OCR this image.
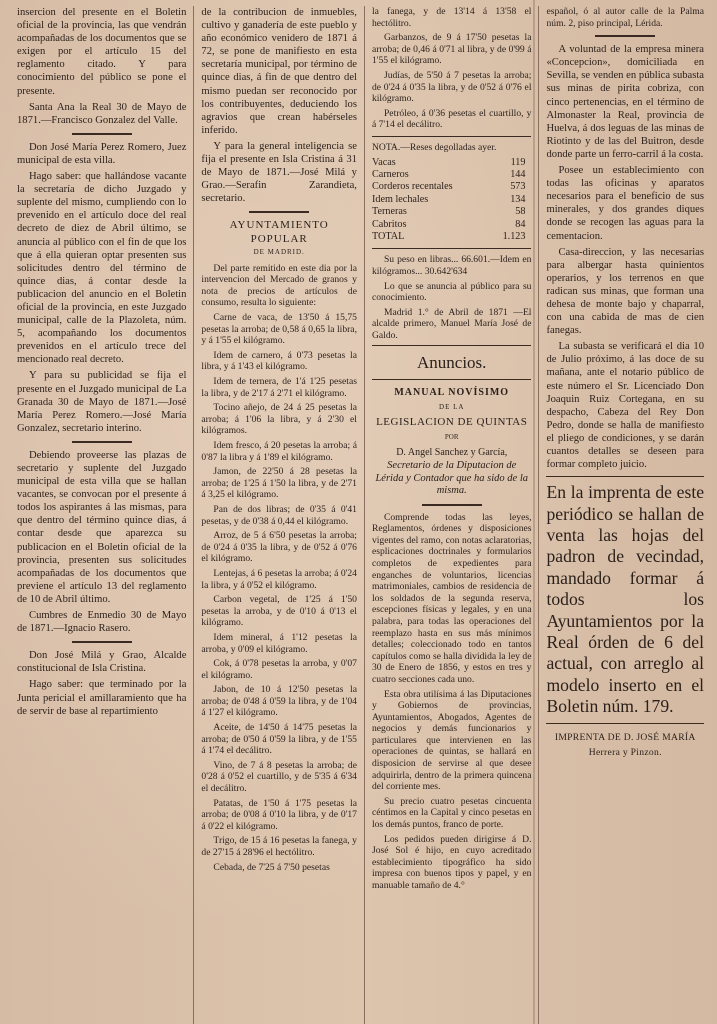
insercion del presente en el Boletin oficial de la provincia, las que vendrán acompañadas de los documentos que se exigen por el artículo 15 del reglamento citado. Y para conocimiento del público se pone el presente.

Santa Ana la Real 30 de Mayo de 1871.—Francisco Gonzalez del Valle.

Don José María Perez Romero, Juez municipal de esta villa.

Hago saber: que hallándose vacante la secretaría de dicho Juzgado y suplente del mismo, cumpliendo con lo prevenido en el artículo doce del real decreto de diez de Abril último, se anuncia al público con el fin de que los que á ella quieran optar presenten sus solicitudes dentro del término de quince dias, á contar desde la publicacion del anuncio en el Boletin oficial de la provincia, en este Juzgado municipal, calle de la Plazoleta, núm. 5, acompañando los documentos prevenidos en el artículo trece del mencionado real decreto.

Y para su publicidad se fija el presente en el Juzgado municipal de La Granada 30 de Mayo de 1871.—José María Perez Romero.—José María Gonzalez, secretario interino.

Debiendo proveerse las plazas de secretario y suplente del Juzgado municipal de esta villa que se hallan vacantes, se convocan por el presente á todos los aspirantes á las mismas, para que dentro del término quince dias, á contar desde que aparezca su publicacion en el Boletin oficial de la provincia, presenten sus solicitudes acompañadas de los documentos que previene el artículo 13 del reglamento de 10 de Abril último.

Cumbres de Enmedio 30 de Mayo de 1871.—Ignacio Rasero.

Don José Milá y Grao, Alcalde constitucional de Isla Cristina.

Hago saber: que terminado por la Junta pericial el amillaramiento que ha de servir de base al repartimiento

de la contribucion de inmuebles, cultivo y ganadería de este pueblo y año económico venidero de 1871 á 72, se pone de manifiesto en esta secretaría municipal, por término de quince dias, á fin de que dentro del mismo puedan ser reconocido por los contribuyentes, deduciendo los agravios que crean habérseles inferido.

Y para la general inteligencia se fija el presente en Isla Cristina á 31 de Mayo de 1871.—José Milá y Grao.—Serafin Zarandieta, secretario.

AYUNTAMIENTO POPULAR

DE MADRID.

Del parte remitido en este dia por la intervencion del Mercado de granos y nota de precios de artículos de consumo, resulta lo siguiente:

Carne de vaca, de 13'50 á 15,75 pesetas la arroba; de 0,58 á 0,65 la libra, y á 1'55 el kilógramo.

Idem de carnero, á 0'73 pesetas la libra, y á 1'43 el kilógramo.

Idem de ternera, de 1'á 1'25 pesetas la libra, y de 2'17 á 2'71 el kilógramo.

Tocino añejo, de 24 á 25 pesetas la arroba; á 1'06 la libra, y á 2'30 el kilógramos.

Idem fresco, á 20 pesetas la arroba; á 0'87 la libra y á 1'89 el kilógramo.

Jamon, de 22'50 á 28 pesetas la arroba; de 1'25 á 1'50 la libra, y de 2'71 á 3,25 el kilógramo.

Pan de dos libras; de 0'35 á 0'41 pesetas, y de 0'38 á 0,44 el kilógramo.

Arroz, de 5 á 6'50 pesetas la arroba; de 0'24 á 0'35 la libra, y de 0'52 á 0'76 el kilógramo.

Lentejas, á 6 pesetas la arroba; á 0'24 la libra, y á 0'52 el kilógramo.

Carbon vegetal, de 1'25 á 1'50 pesetas la arroba, y de 0'10 á 0'13 el kilógramo.

Idem mineral, á 1'12 pesetas la arroba, y 0'09 el kilógramo.

Cok, á 0'78 pesetas la arroba, y 0'07 el kilógramo.

Jabon, de 10 á 12'50 pesetas la arroba; de 0'48 á 0'59 la libra, y de 1'04 á 1'27 el kilógramo.

Aceite, de 14'50 á 14'75 pesetas la arroba; de 0'50 á 0'59 la libra, y de 1'55 á 1'74 el decálitro.

Vino, de 7 á 8 pesetas la arroba; de 0'28 á 0'52 el cuartillo, y de 5'35 á 6'34 el decálitro.

Patatas, de 1'50 á 1'75 pesetas la arroba; de 0'08 á 0'10 la libra, y de 0'17 á 0'22 el kilógramo.

Trigo, de 15 á 16 pesetas la fanega, y de 27'15 á 28'96 el hectólitro.

Cebada, de 7'25 á 7'50 pesetas

la fanega, y de 13'14 á 13'58 el hectólitro.

Garbanzos, de 9 á 17'50 pesetas la arroba; de 0,46 á 0'71 al libra, y de 0'99 á 1'55 el kilógramo.

Judías, de 5'50 á 7 pesetas la arroba; de 0'24 á 0'35 la libra, y de 0'52 á 0'76 el kilógramo.

Petróleo, á 0'36 pesetas el cuartillo, y á 7'14 el decálitro.

NOTA.—Reses degolladas ayer.

Vacas	119
Carneros	144
Corderos recentales	573
Idem lechales	134
Terneras	58
Cabritos	84
TOTAL	1.123

Su peso en libras... 66.601.—Idem en kilógramos... 30.642'634

Lo que se anuncia al público para su conocimiento.

Madrid 1.° de Abril de 1871 —El alcalde primero, Manuel María José de Galdo.

Anuncios.

MANUAL NOVÍSIMO

DE LA

LEGISLACION DE QUINTAS

POR

D. Angel Sanchez y García,

Secretario de la Diputacion de Lérida y Contador que ha sido de la misma.

Comprende todas las leyes, Reglamentos, órdenes y disposiciones vigentes del ramo, con notas aclaratorias, esplicaciones doctrinales y formularios completos de expedientes para enganches de voluntarios, licencias matrimoniales, cambios de residencia de los soldados de la segunda reserva, escepciones físicas y legales, y en una palabra, para todas las operaciones del reemplazo hasta en sus más mínimos detalles; coleccionado todo en tantos capítulos como se halla dividida la ley de 30 de Enero de 1856, y estos en tres y cuatro secciones cada uno.

Esta obra utilísima á las Diputaciones y Gobiernos de provincias, Ayuntamientos, Abogados, Agentes de negocios y demás funcionarios y particulares que intervienen en las operaciones de quintas, se hallará en disposicion de servirse al que desee adquirirla, dentro de la primera quincena del corriente mes.

Su precio cuatro pesetas cincuenta céntimos en la Capital y cinco pesetas en los demás puntos, franco de porte.

Los pedidos pueden dirigirse á D. José Sol é hijo, en cuyo acreditado establecimiento tipográfico ha sido impresa con buenos tipos y papel, y en manuable tamaño de 4.°

español, ó al autor calle de la Palma núm. 2, piso principal, Lérida.

A voluntad de la empresa minera «Concepcion», domiciliada en Sevilla, se venden en pública subasta sus minas de pirita cobriza, con cinco pertenencias, en el término de Almonaster la Real, provincia de Huelva, á dos leguas de las minas de Riotinto y de las del Buitron, desde donde parte un ferro-carril á la costa.

Posee un establecimiento con todas las oficinas y aparatos necesarios para el beneficio de sus minerales, y dos grandes diques donde se recogen las aguas para la cementacion.

Casa-direccion, y las necesarias para albergar hasta quinientos operarios, y los terrenos en que radican sus minas, que forman una dehesa de monte bajo y chaparral, con una cabida de mas de cien fanegas.

La subasta se verificará el dia 10 de Julio próximo, á las doce de su mañana, ante el notario público de este número el Sr. Licenciado Don Joaquin Ruiz Cortegana, en su despacho, Cabeza del Rey Don Pedro, donde se halla de manifiesto el pliego de condiciones, y se darán cuantos detalles se deseen para formar completo juicio.

En la imprenta de este periódico se hallan de venta las hojas del padron de vecindad, mandado formar á todos los Ayuntamientos por la Real órden de 6 del actual, con arreglo al modelo inserto en el Boletin núm. 179.

IMPRENTA DE D. JOSÉ MARÍA Herrera y Pinzon.
